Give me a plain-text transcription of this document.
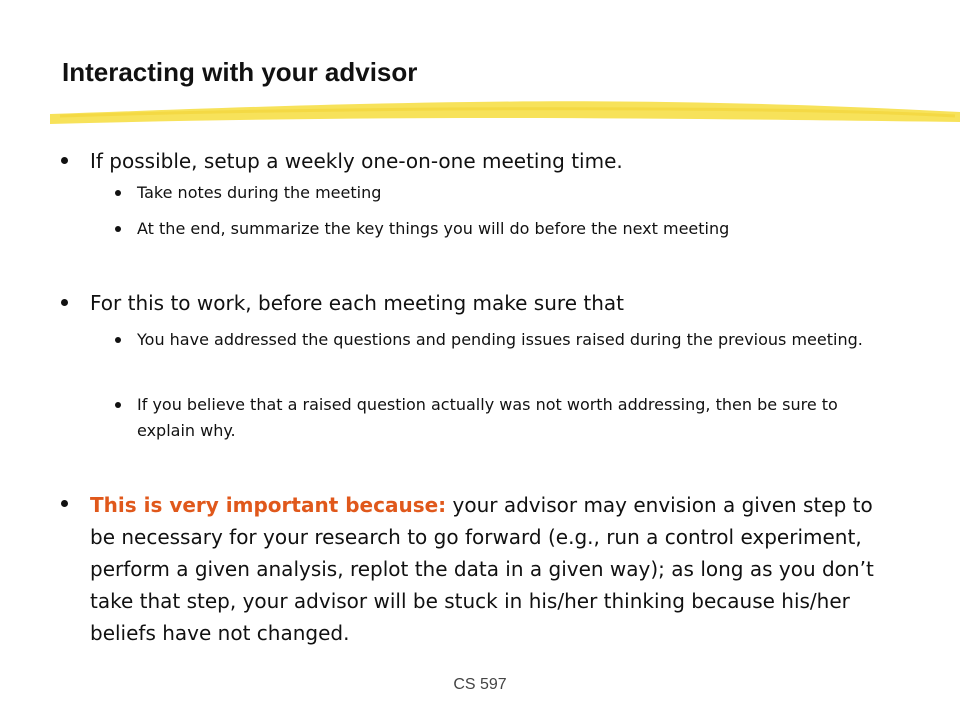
Interacting with your advisor
If possible, setup a weekly one-on-one meeting time.
Take notes during the meeting
At the end, summarize the key things you will do before the next meeting
For this to work, before each meeting make sure that
You have addressed the questions and pending issues raised during the previous meeting.
If you believe that a raised question actually was not worth addressing, then be sure to explain why.
This is very important because: your advisor may envision a given step to be necessary for your research to go forward (e.g., run a control experiment, perform a given analysis, replot the data in a given way); as long as you don’t take that step, your advisor will be stuck in his/her thinking because his/her beliefs have not changed.
CS 597
